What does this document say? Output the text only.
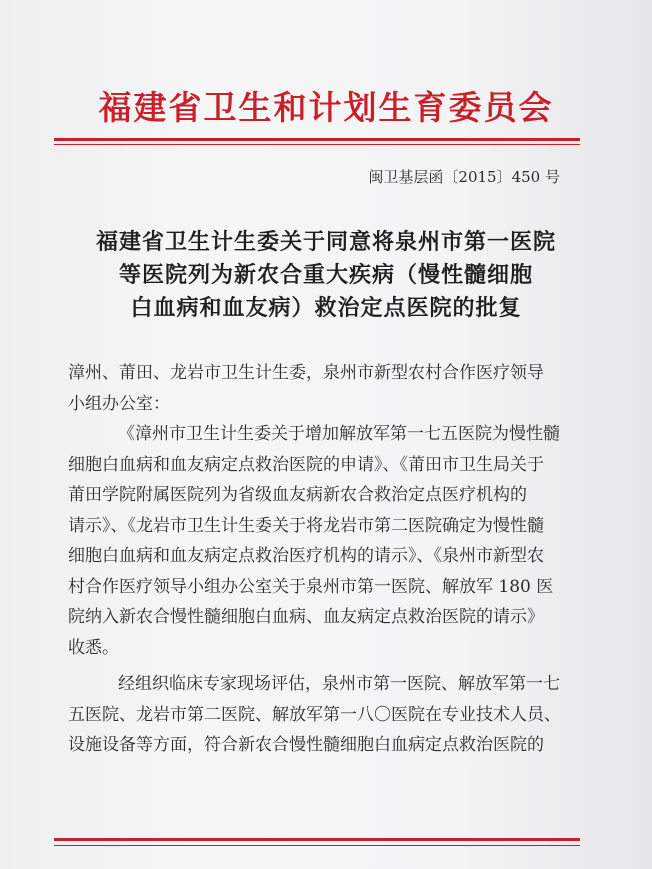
福建省卫生和计划生育委员会
闽卫基层函〔2015〕450 号
福建省卫生计生委关于同意将泉州市第一医院
等医院列为新农合重大疾病（慢性髓细胞
白血病和血友病）救治定点医院的批复
漳州、莆田、龙岩市卫生计生委，泉州市新型农村合作医疗领导
小组办公室：
《漳州市卫生计生委关于增加解放军第一七五医院为慢性髓
细胞白血病和血友病定点救治医院的申请》、《莆田市卫生局关于
莆田学院附属医院列为省级血友病新农合救治定点医疗机构的
请示》、《龙岩市卫生计生委关于将龙岩市第二医院确定为慢性髓
细胞白血病和血友病定点救治医疗机构的请示》、《泉州市新型农
村合作医疗领导小组办公室关于泉州市第一医院、解放军 180 医
院纳入新农合慢性髓细胞白血病、血友病定点救治医院的请示》
收悉。
经组织临床专家现场评估，泉州市第一医院、解放军第一七
五医院、龙岩市第二医院、解放军第一八〇医院在专业技术人员、
设施设备等方面，符合新农合慢性髓细胞白血病定点救治医院的
